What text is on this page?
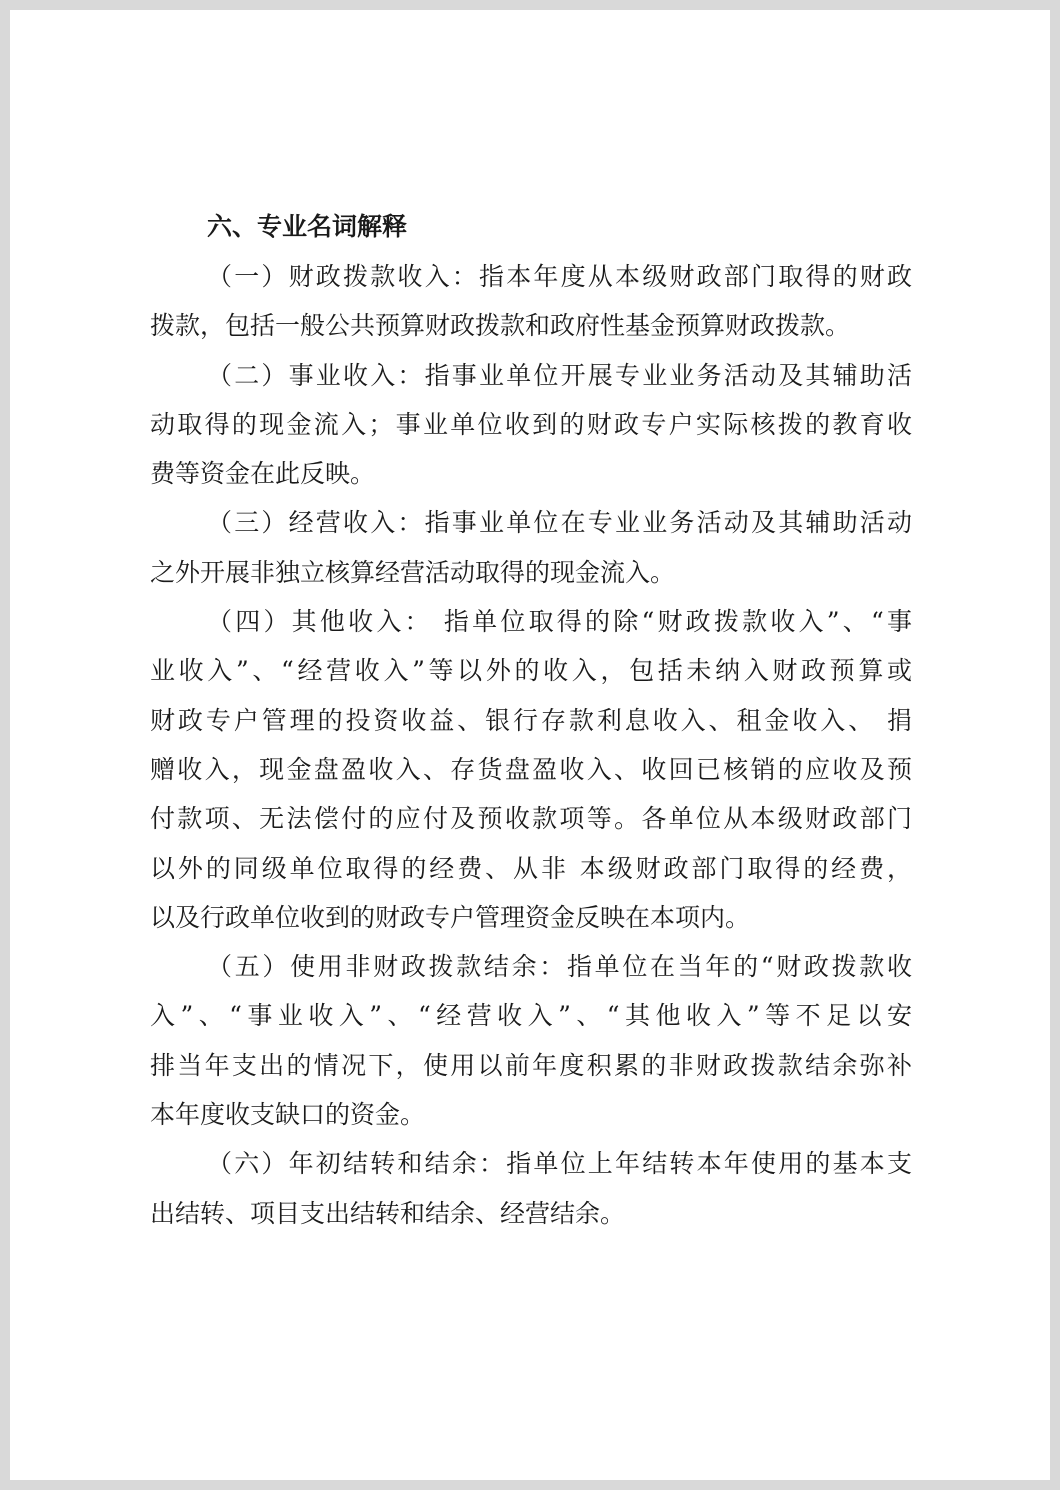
六、专业名词解释

（一）财政拨款收入：指本年度从本级财政部门取得的财政
拨款，包括一般公共预算财政拨款和政府性基金预算财政拨款。

（二）事业收入：指事业单位开展专业业务活动及其辅助活
动取得的现金流入；事业单位收到的财政专户实际核拨的教育收
费等资金在此反映。

（三）经营收入：指事业单位在专业业务活动及其辅助活动
之外开展非独立核算经营活动取得的现金流入。

（四）其他收入： 指单位取得的除“财政拨款收入”、“事
业收入”、“经营收入”等以外的收入，包括未纳入财政预算或
财政专户管理的投资收益、银行存款利息收入、租金收入、 捐
赠收入，现金盘盈收入、存货盘盈收入、收回已核销的应收及预
付款项、无法偿付的应付及预收款项等。各单位从本级财政部门
以外的同级单位取得的经费、从非 本级财政部门取得的经费，
以及行政单位收到的财政专户管理资金反映在本项内。

（五）使用非财政拨款结余：指单位在当年的“财政拨款收
入”、“事业收入”、“经营收入”、“其他收入”等不足以安
排当年支出的情况下，使用以前年度积累的非财政拨款结余弥补
本年度收支缺口的资金。

（六）年初结转和结余：指单位上年结转本年使用的基本支
出结转、项目支出结转和结余、经营结余。
